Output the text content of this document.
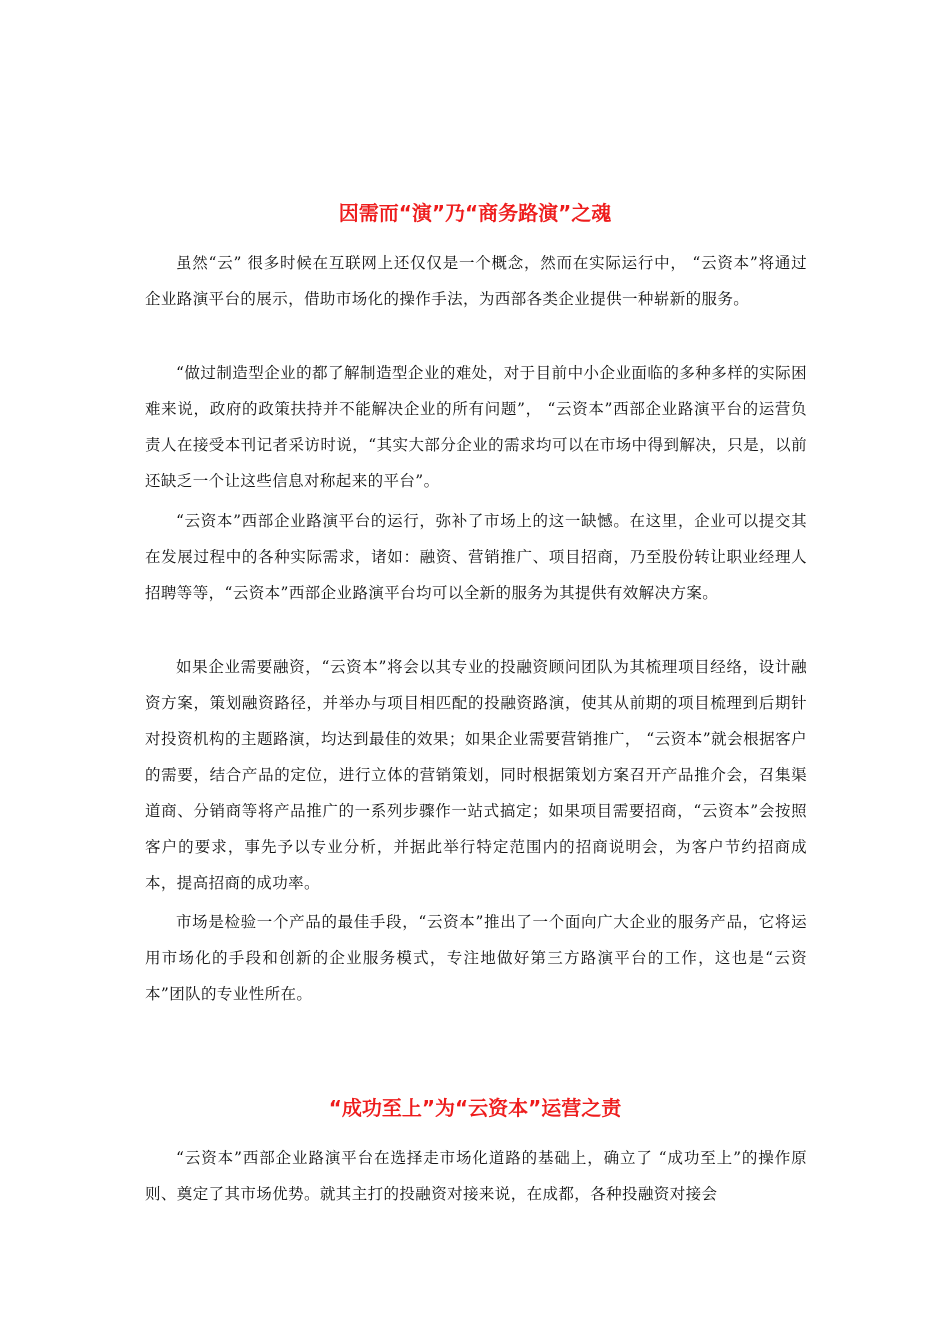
因需而“演”乃“商务路演”之魂

虽然“云” 很多时候在互联网上还仅仅是一个概念，然而在实际运行中， “云资本”将通过企业路演平台的展示，借助市场化的操作手法，为西部各类企业提供一种崭新的服务。

“做过制造型企业的都了解制造型企业的难处，对于目前中小企业面临的多种多样的实际困难来说，政府的政策扶持并不能解决企业的所有问题”， “云资本”西部企业路演平台的运营负责人在接受本刊记者采访时说，“其实大部分企业的需求均可以在市场中得到解决，只是，以前还缺乏一个让这些信息对称起来的平台”。

“云资本”西部企业路演平台的运行，弥补了市场上的这一缺憾。在这里，企业可以提交其在发展过程中的各种实际需求，诸如：融资、营销推广、项目招商，乃至股份转让职业经理人招聘等等，“云资本”西部企业路演平台均可以全新的服务为其提供有效解决方案。

如果企业需要融资，“云资本”将会以其专业的投融资顾问团队为其梳理项目经络，设计融资方案，策划融资路径，并举办与项目相匹配的投融资路演，使其从前期的项目梳理到后期针对投资机构的主题路演，均达到最佳的效果；如果企业需要营销推广， “云资本”就会根据客户的需要，结合产品的定位，进行立体的营销策划，同时根据策划方案召开产品推介会，召集渠道商、分销商等将产品推广的一系列步骤作一站式搞定；如果项目需要招商，“云资本”会按照客户的要求，事先予以专业分析，并据此举行特定范围内的招商说明会，为客户节约招商成本，提高招商的成功率。

市场是检验一个产品的最佳手段，“云资本”推出了一个面向广大企业的服务产品，它将运用市场化的手段和创新的企业服务模式，专注地做好第三方路演平台的工作，这也是“云资本”团队的专业性所在。

“成功至上”为“云资本”运营之责

“云资本”西部企业路演平台在选择走市场化道路的基础上，确立了 “成功至上”的操作原则、奠定了其市场优势。就其主打的投融资对接来说，在成都，各种投融资对接会
